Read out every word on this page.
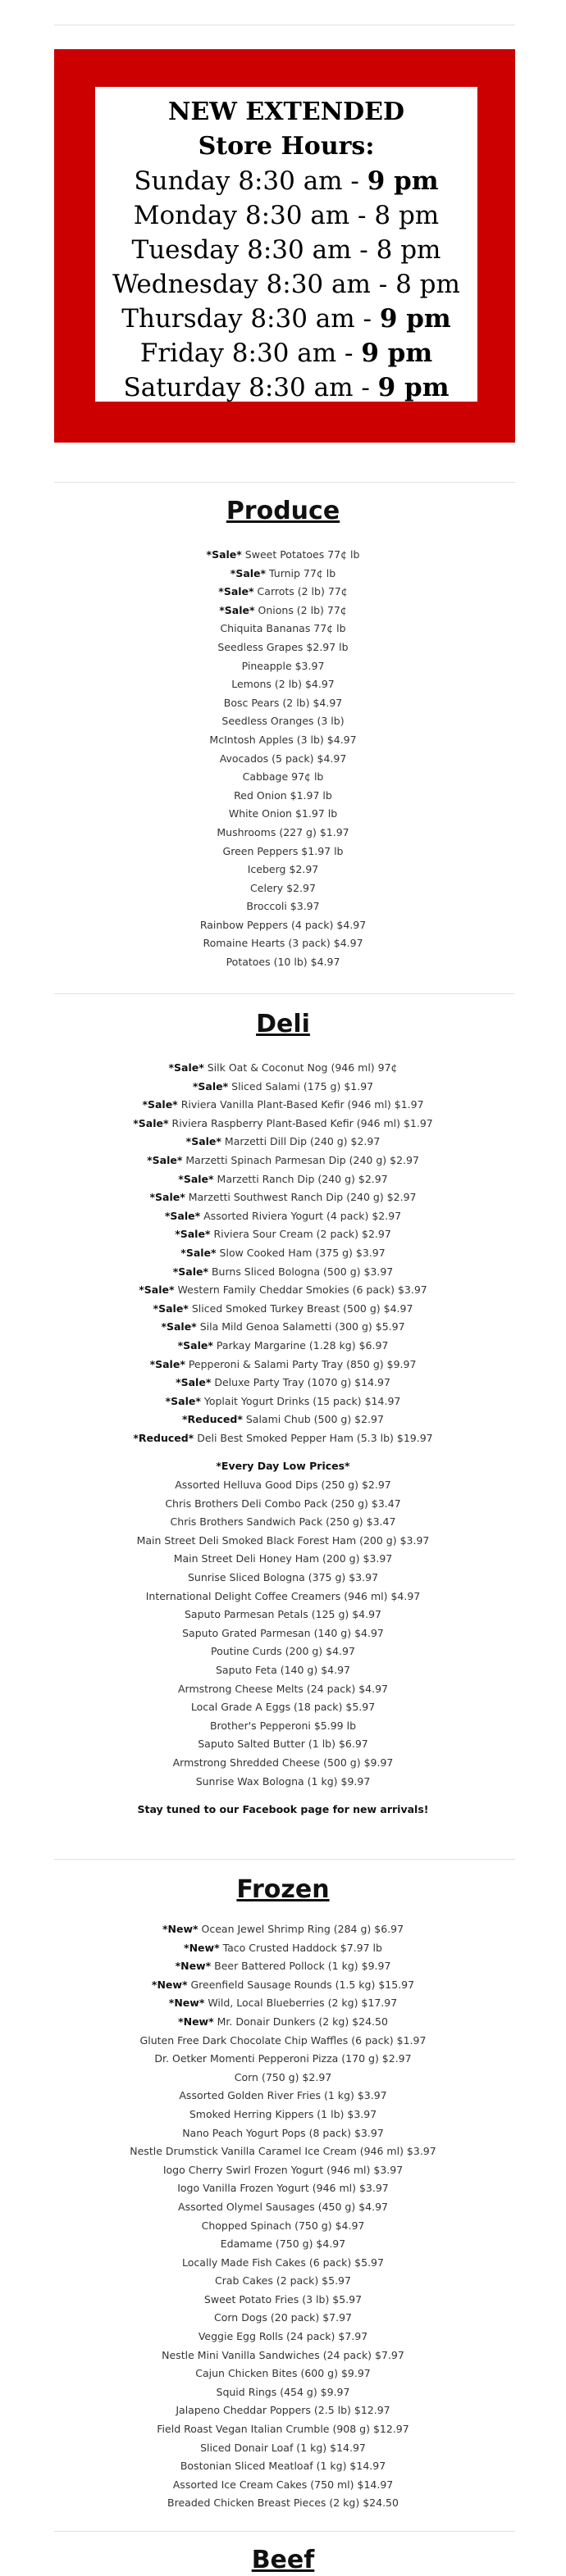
NEW EXTENDED
Store Hours:
Sunday 8:30 am - 9 pm
Monday 8:30 am - 8 pm
Tuesday 8:30 am - 8 pm
Wednesday 8:30 am - 8 pm
Thursday 8:30 am - 9 pm
Friday 8:30 am - 9 pm
Saturday 8:30 am - 9 pm
Produce
*Sale* Sweet Potatoes 77¢ lb
*Sale* Turnip 77¢ lb
*Sale* Carrots (2 lb) 77¢
*Sale* Onions (2 lb) 77¢
Chiquita Bananas 77¢ lb
Seedless Grapes $2.97 lb
Pineapple $3.97
Lemons (2 lb) $4.97
Bosc Pears (2 lb) $4.97
Seedless Oranges (3 lb)
McIntosh Apples (3 lb) $4.97
Avocados (5 pack) $4.97
Cabbage 97¢ lb
Red Onion $1.97 lb
White Onion $1.97 lb
Mushrooms (227 g) $1.97
Green Peppers $1.97 lb
Iceberg $2.97
Celery $2.97
Broccoli $3.97
Rainbow Peppers (4 pack) $4.97
Romaine Hearts (3 pack) $4.97
Potatoes (10 lb) $4.97
Deli
*Sale* Silk Oat & Coconut Nog (946 ml) 97¢
*Sale* Sliced Salami (175 g) $1.97
*Sale* Riviera Vanilla Plant-Based Kefir (946 ml) $1.97
*Sale* Riviera Raspberry Plant-Based Kefir (946 ml) $1.97
*Sale* Marzetti Dill Dip (240 g) $2.97
*Sale* Marzetti Spinach Parmesan Dip (240 g) $2.97
*Sale* Marzetti Ranch Dip (240 g) $2.97
*Sale* Marzetti Southwest Ranch Dip (240 g) $2.97
*Sale* Assorted Riviera Yogurt (4 pack) $2.97
*Sale* Riviera Sour Cream (2 pack) $2.97
*Sale* Slow Cooked Ham (375 g) $3.97
*Sale* Burns Sliced Bologna (500 g) $3.97
*Sale* Western Family Cheddar Smokies (6 pack) $3.97
*Sale* Sliced Smoked Turkey Breast (500 g) $4.97
*Sale* Sila Mild Genoa Salametti (300 g) $5.97
*Sale* Parkay Margarine (1.28 kg) $6.97
*Sale* Pepperoni & Salami Party Tray (850 g) $9.97
*Sale* Deluxe Party Tray (1070 g) $14.97
*Sale* Yoplait Yogurt Drinks (15 pack) $14.97
*Reduced* Salami Chub (500 g) $2.97
*Reduced* Deli Best Smoked Pepper Ham (5.3 lb) $19.97
*Every Day Low Prices*
Assorted Helluva Good Dips (250 g) $2.97
Chris Brothers Deli Combo Pack (250 g) $3.47
Chris Brothers Sandwich Pack (250 g) $3.47
Main Street Deli Smoked Black Forest Ham (200 g) $3.97
Main Street Deli Honey Ham (200 g) $3.97
Sunrise Sliced Bologna (375 g) $3.97
International Delight Coffee Creamers (946 ml) $4.97
Saputo Parmesan Petals (125 g) $4.97
Saputo Grated Parmesan (140 g) $4.97
Poutine Curds (200 g) $4.97
Saputo Feta (140 g) $4.97
Armstrong Cheese Melts (24 pack) $4.97
Local Grade A Eggs (18 pack) $5.97
Brother's Pepperoni $5.99 lb
Saputo Salted Butter (1 lb) $6.97
Armstrong Shredded Cheese (500 g) $9.97
Sunrise Wax Bologna (1 kg) $9.97
Stay tuned to our Facebook page for new arrivals!
Frozen
*New* Ocean Jewel Shrimp Ring (284 g) $6.97
*New* Taco Crusted Haddock $7.97 lb
*New* Beer Battered Pollock (1 kg) $9.97
*New* Greenfield Sausage Rounds (1.5 kg) $15.97
*New* Wild, Local Blueberries (2 kg) $17.97
*New* Mr. Donair Dunkers (2 kg) $24.50
Gluten Free Dark Chocolate Chip Waffles (6 pack) $1.97
Dr. Oetker Momenti Pepperoni Pizza (170 g) $2.97
Corn (750 g) $2.97
Assorted Golden River Fries (1 kg) $3.97
Smoked Herring Kippers (1 lb) $3.97
Nano Peach Yogurt Pops (8 pack) $3.97
Nestle Drumstick Vanilla Caramel Ice Cream (946 ml) $3.97
Iogo Cherry Swirl Frozen Yogurt (946 ml) $3.97
Iogo Vanilla Frozen Yogurt (946 ml) $3.97
Assorted Olymel Sausages (450 g) $4.97
Chopped Spinach (750 g) $4.97
Edamame (750 g) $4.97
Locally Made Fish Cakes (6 pack) $5.97
Crab Cakes (2 pack) $5.97
Sweet Potato Fries (3 lb) $5.97
Corn Dogs (20 pack) $7.97
Veggie Egg Rolls (24 pack) $7.97
Nestle Mini Vanilla Sandwiches (24 pack) $7.97
Cajun Chicken Bites (600 g) $9.97
Squid Rings (454 g) $9.97
Jalapeno Cheddar Poppers (2.5 lb) $12.97
Field Roast Vegan Italian Crumble (908 g) $12.97
Sliced Donair Loaf (1 kg) $14.97
Bostonian Sliced Meatloaf (1 kg) $14.97
Assorted Ice Cream Cakes (750 ml) $14.97
Breaded Chicken Breast Pieces (2 kg) $24.50
Beef
